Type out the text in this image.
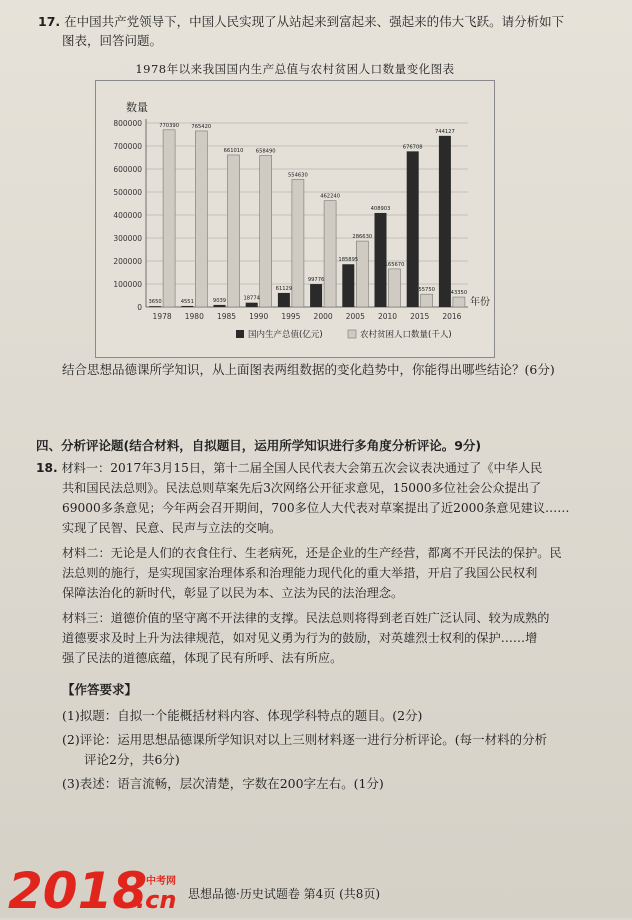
17. 在中国共产党领导下，中国人民实现了从站起来到富起来、强起来的伟大飞跃。请分析如下
图表，回答问题。
1978年以来我国国内生产总值与农村贫困人口数量变化图表
数量
0
100000
200000
300000
400000
500000
600000
700000
800000
3650
770390
1978
4551
765420
1980
9039
661010
1985
18774
658490
1990
61129
554630
1995
99776
462240
2000
185895
286630
2005
408903
165670
2010
676708
55750
2015
744127
43350
2016
年份
国内生产总值(亿元)	农村贫困人口数量(千人)
结合思想品德课所学知识，从上面图表两组数据的变化趋势中，你能得出哪些结论？(6分)
四、分析评论题(结合材料，自拟题目，运用所学知识进行多角度分析评论。9分)
18. 材料一：2017年3月15日，第十二届全国人民代表大会第五次会议表决通过了《中华人民
共和国民法总则》。民法总则草案先后3次网络公开征求意见，15000多位社会公众提出了
69000多条意见；今年两会召开期间，700多位人大代表对草案提出了近2000条意见建议……
实现了民智、民意、民声与立法的交响。
材料二：无论是人们的衣食住行、生老病死，还是企业的生产经营，都离不开民法的保护。民
法总则的施行，是实现国家治理体系和治理能力现代化的重大举措，开启了我国公民权利
保障法治化的新时代，彰显了以民为本、立法为民的法治理念。
材料三：道德价值的坚守离不开法律的支撑。民法总则将得到老百姓广泛认同、较为成熟的
道德要求及时上升为法律规范，如对见义勇为行为的鼓励，对英雄烈士权利的保护……增
强了民法的道德底蕴，体现了民有所呼、法有所应。
【作答要求】
(1)拟题：自拟一个能概括材料内容、体现学科特点的题目。(2分)
(2)评论：运用思想品德课所学知识对以上三则材料逐一进行分析评论。(每一材料的分析
评论2分，共6分)
(3)表述：语言流畅，层次清楚，字数在200字左右。(1分)
思想品德·历史试题卷 第4页 (共8页)
2018
中考网
.cn
